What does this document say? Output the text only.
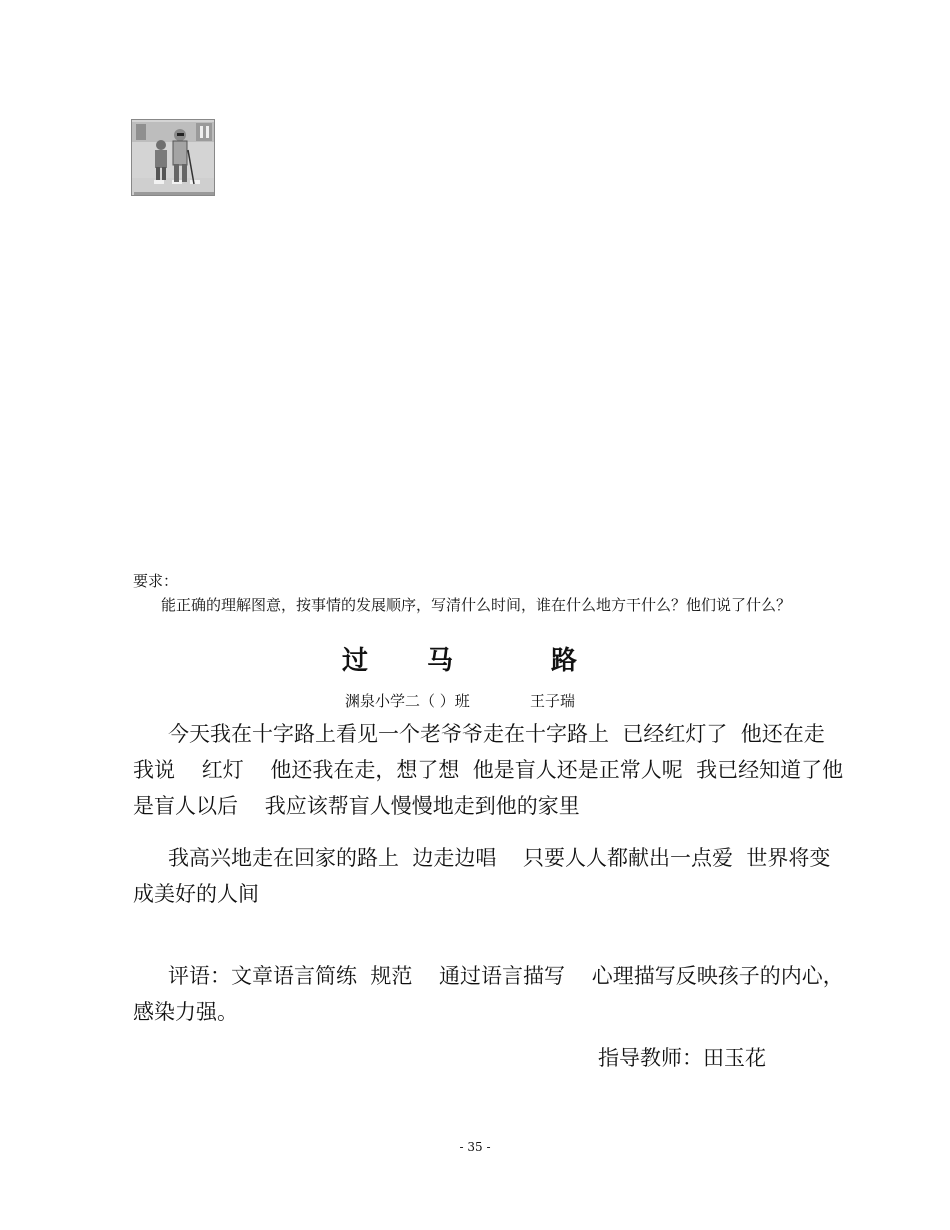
要求：

能正确的理解图意，按事情的发展顺序，写清什么时间，谁在什么地方干什么？他们说了什么？

过 马	路
渊泉小学二（ ）班	王子瑞

今天我在十字路上看见一个老爷爷走在十字路上  已经红灯了  他还在走  我说    红灯    他还我在走，想了想  他是盲人还是正常人呢  我已经知道了他是盲人以后    我应该帮盲人慢慢地走到他的家里

我高兴地走在回家的路上  边走边唱    只要人人都献出一点爱  世界将变成美好的人间

评语：文章语言简练  规范    通过语言描写    心理描写反映孩子的内心，  感染力强。

指导教师：田玉花
- 35 -
